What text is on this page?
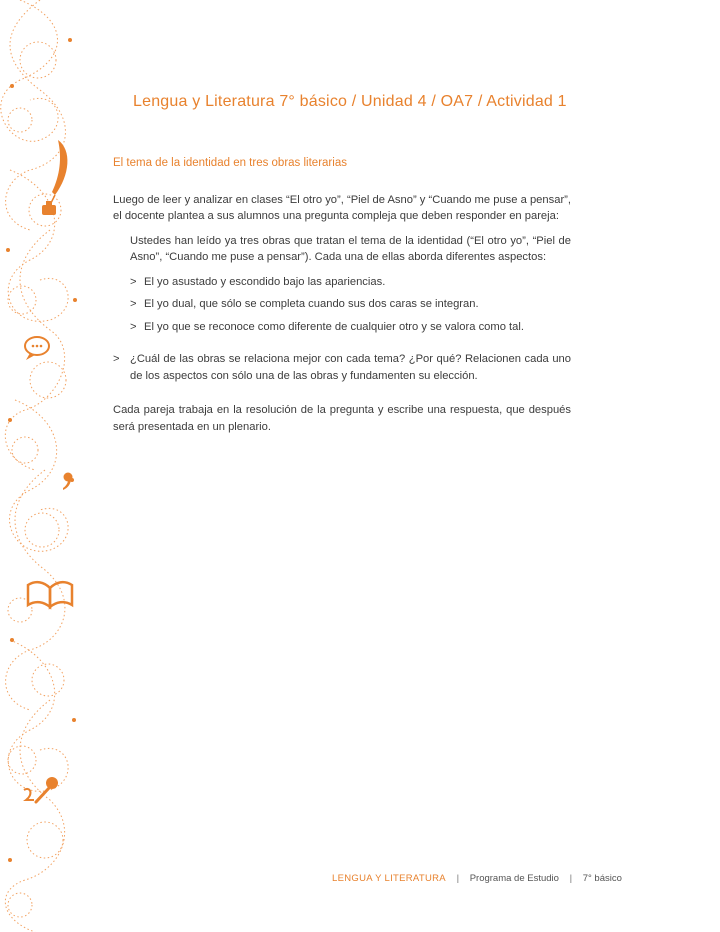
Lengua y Literatura 7° básico / Unidad 4 / OA7 / Actividad 1
El tema de la identidad en tres obras literarias

Luego de leer y analizar en clases “El otro yo”, “Piel de Asno” y “Cuando me puse a pensar”, el docente plantea a sus alumnos una pregunta compleja que deben responder en pareja:

Ustedes han leído ya tres obras que tratan el tema de la identidad (“El otro yo”, “Piel de Asno”, “Cuando me puse a pensar”). Cada una de ellas aborda diferentes aspectos:

> El yo asustado y escondido bajo las apariencias.
> El yo dual, que sólo se completa cuando sus dos caras se integran.
> El yo que se reconoce como diferente de cualquier otro y se valora como tal.

> ¿Cuál de las obras se relaciona mejor con cada tema? ¿Por qué? Relacionen cada uno de los aspectos con sólo una de las obras y fundamenten su elección.

Cada pareja trabaja en la resolución de la pregunta y escribe una respuesta, que después será presentada en un plenario.

LENGUA Y LITERATURA | Programa de Estudio | 7° básico
